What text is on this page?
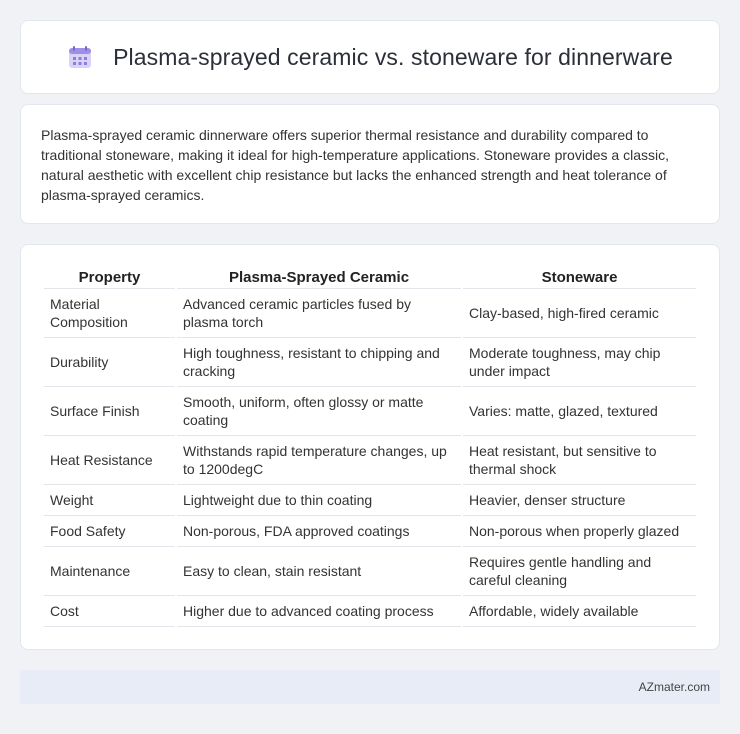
Plasma-sprayed ceramic vs. stoneware for dinnerware

Plasma-sprayed ceramic dinnerware offers superior thermal resistance and durability compared to traditional stoneware, making it ideal for high-temperature applications. Stoneware provides a classic, natural aesthetic with excellent chip resistance but lacks the enhanced strength and heat tolerance of plasma-sprayed ceramics.

Property	Plasma-Sprayed Ceramic	Stoneware
Material Composition	Advanced ceramic particles fused by plasma torch	Clay-based, high-fired ceramic
Durability	High toughness, resistant to chipping and cracking	Moderate toughness, may chip under impact
Surface Finish	Smooth, uniform, often glossy or matte coating	Varies: matte, glazed, textured
Heat Resistance	Withstands rapid temperature changes, up to 1200degC	Heat resistant, but sensitive to thermal shock
Weight	Lightweight due to thin coating	Heavier, denser structure
Food Safety	Non-porous, FDA approved coatings	Non-porous when properly glazed
Maintenance	Easy to clean, stain resistant	Requires gentle handling and careful cleaning
Cost	Higher due to advanced coating process	Affordable, widely available
AZmater.com
